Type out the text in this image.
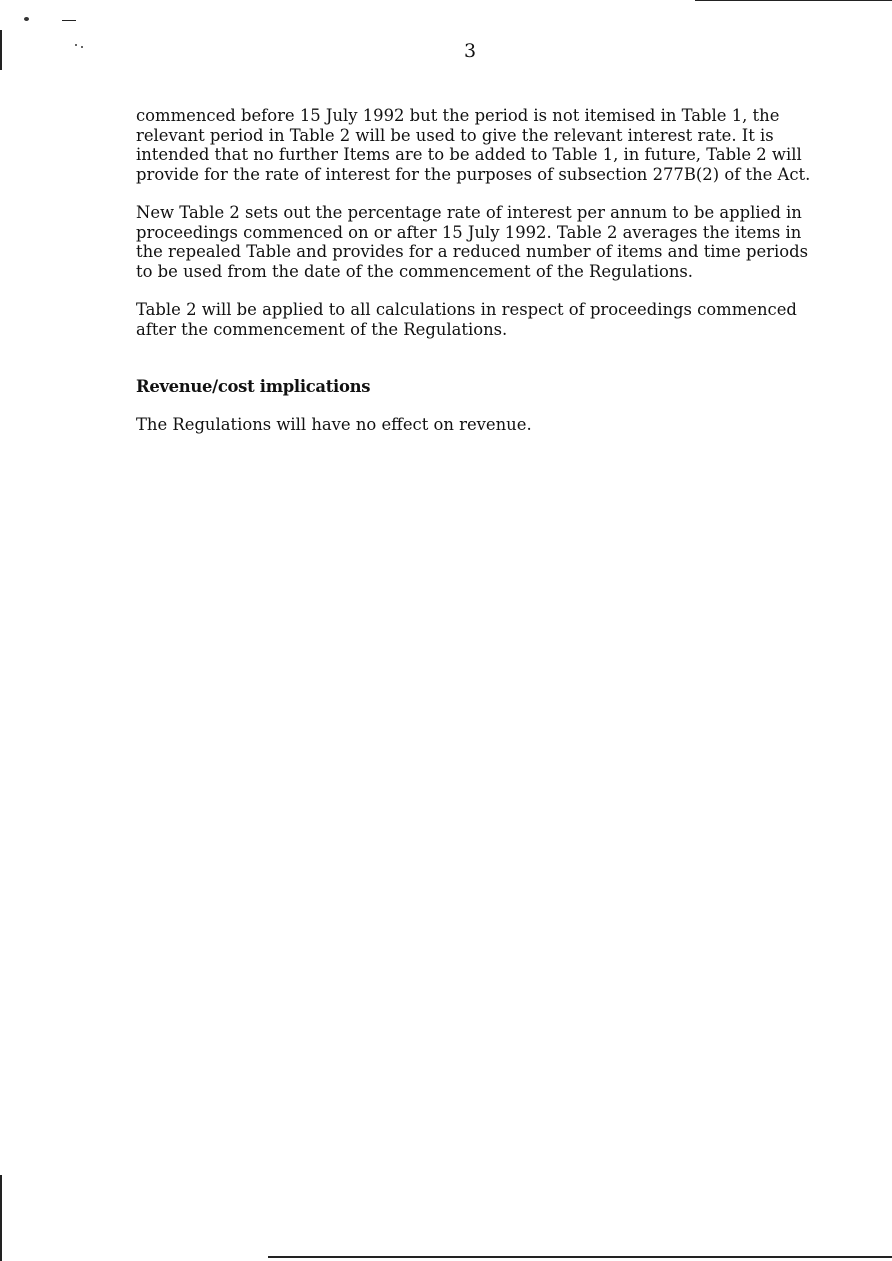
3

commenced before 15 July 1992 but the period is not itemised in Table 1, the relevant period in Table 2 will be used to give the relevant interest rate. It is intended that no further Items are to be added to Table 1, in future, Table 2 will provide for the rate of interest for the purposes of subsection 277B(2) of the Act.

New Table 2 sets out the percentage rate of interest per annum to be applied in proceedings commenced on or after 15 July 1992. Table 2 averages the items in the repealed Table and provides for a reduced number of items and time periods to be used from the date of the commencement of the Regulations.

Table 2 will be applied to all calculations in respect of proceedings commenced after the commencement of the Regulations.

Revenue/cost implications

The Regulations will have no effect on revenue.
